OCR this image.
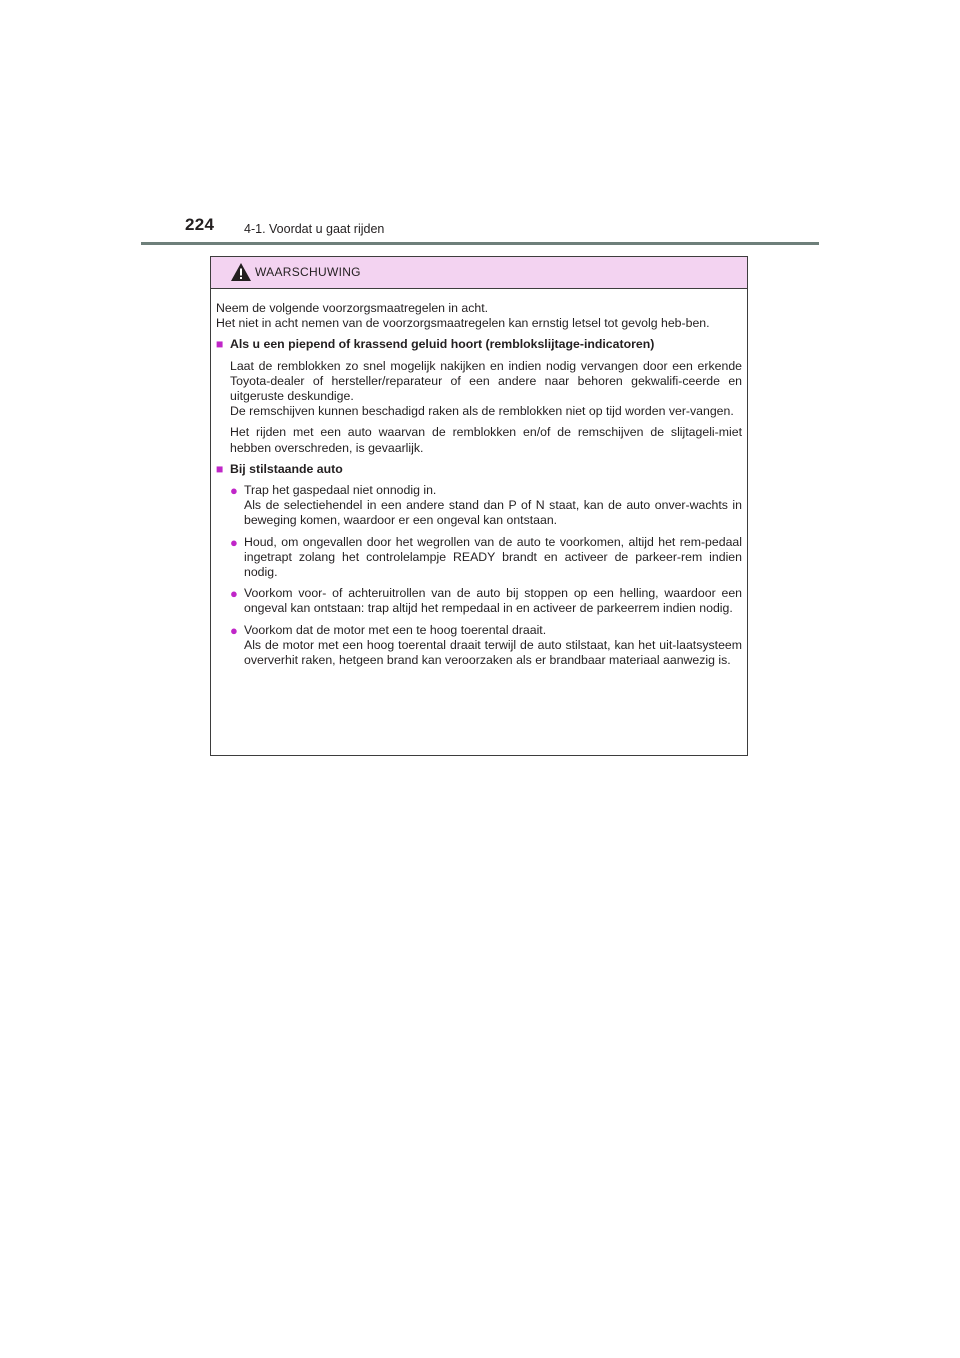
224 4-1. Voordat u gaat rijden
WAARSCHUWING

Neem de volgende voorzorgsmaatregelen in acht.

Het niet in acht nemen van de voorzorgsmaatregelen kan ernstig letsel tot gevolg heb-ben.

■ Als u een piepend of krassend geluid hoort (remblokslijtage-indicatoren)

Laat de remblokken zo snel mogelijk nakijken en indien nodig vervangen door een erkende Toyota-dealer of hersteller/reparateur of een andere naar behoren gekwalifi-ceerde en uitgeruste deskundige.

De remschijven kunnen beschadigd raken als de remblokken niet op tijd worden ver-vangen.

Het rijden met een auto waarvan de remblokken en/of de remschijven de slijtageli-miet hebben overschreden, is gevaarlijk.

■ Bij stilstaande auto
● Trap het gaspedaal niet onnodig in.

Als de selectiehendel in een andere stand dan P of N staat, kan de auto onver-wachts in beweging komen, waardoor er een ongeval kan ontstaan.

● Houd, om ongevallen door het wegrollen van de auto te voorkomen, altijd het rem-pedaal ingetrapt zolang het controlelampje READY brandt en activeer de parkeer-rem indien nodig.

● Voorkom voor- of achteruitrollen van de auto bij stoppen op een helling, waardoor een ongeval kan ontstaan: trap altijd het rempedaal in en activeer de parkeerrem indien nodig.

● Voorkom dat de motor met een te hoog toerental draait.

Als de motor met een hoog toerental draait terwijl de auto stilstaat, kan het uit-laatsysteem oververhit raken, hetgeen brand kan veroorzaken als er brandbaar materiaal aanwezig is.
